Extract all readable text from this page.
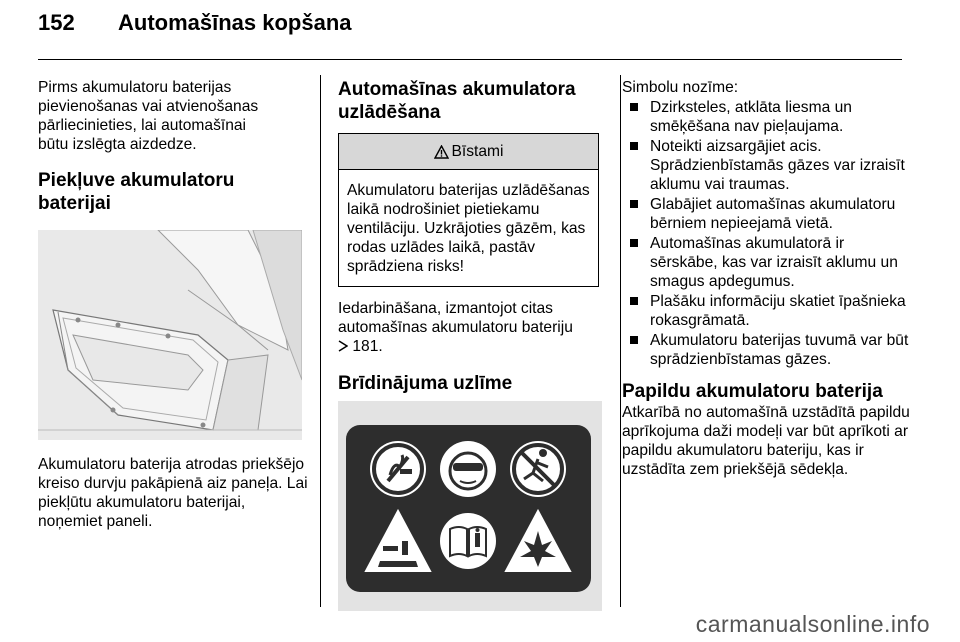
152	Automašīnas kopšana

Pirms akumulatoru baterijas pievienošanas vai atvienošanas pārliecinieties, lai automašīnai būtu izslēgta aizdedze.

Piekļuve akumulatoru baterijai

Akumulatoru baterija atrodas priekšējo kreiso durvju pakāpienā aiz paneļa. Lai piekļūtu akumulatoru baterijai, noņemiet paneli.

Automašīnas akumulatora uzlādēšana

Bīstami
Akumulatoru baterijas uzlādēšanas laikā nodrošiniet pietiekamu ventilāciju. Uzkrājoties gāzēm, kas rodas uzlādes laikā, pastāv sprādziena risks!

Iedarbināšana, izmantojot citas automašīnas akumulatoru bateriju
181.

Brīdinājuma uzlīme

Simbolu nozīme:

Dzirksteles, atklāta liesma un smēķēšana nav pieļaujama.
Noteikti aizsargājiet acis. Sprādzienbīstamās gāzes var izraisīt aklumu vai traumas.
Glabājiet automašīnas akumulatoru bērniem nepieejamā vietā.
Automašīnas akumulatorā ir sērskābe, kas var izraisīt aklumu un smagus apdegumus.
Plašāku informāciju skatiet īpašnieka rokasgrāmatā.
Akumulatoru baterijas tuvumā var būt sprādzienbīstamas gāzes.

Papildu akumulatoru baterija

Atkarībā no automašīnā uzstādītā papildu aprīkojuma daži modeļi var būt aprīkoti ar papildu akumulatoru bateriju, kas ir uzstādīta zem priekšējā sēdekļa.

carmanualsonline.info
